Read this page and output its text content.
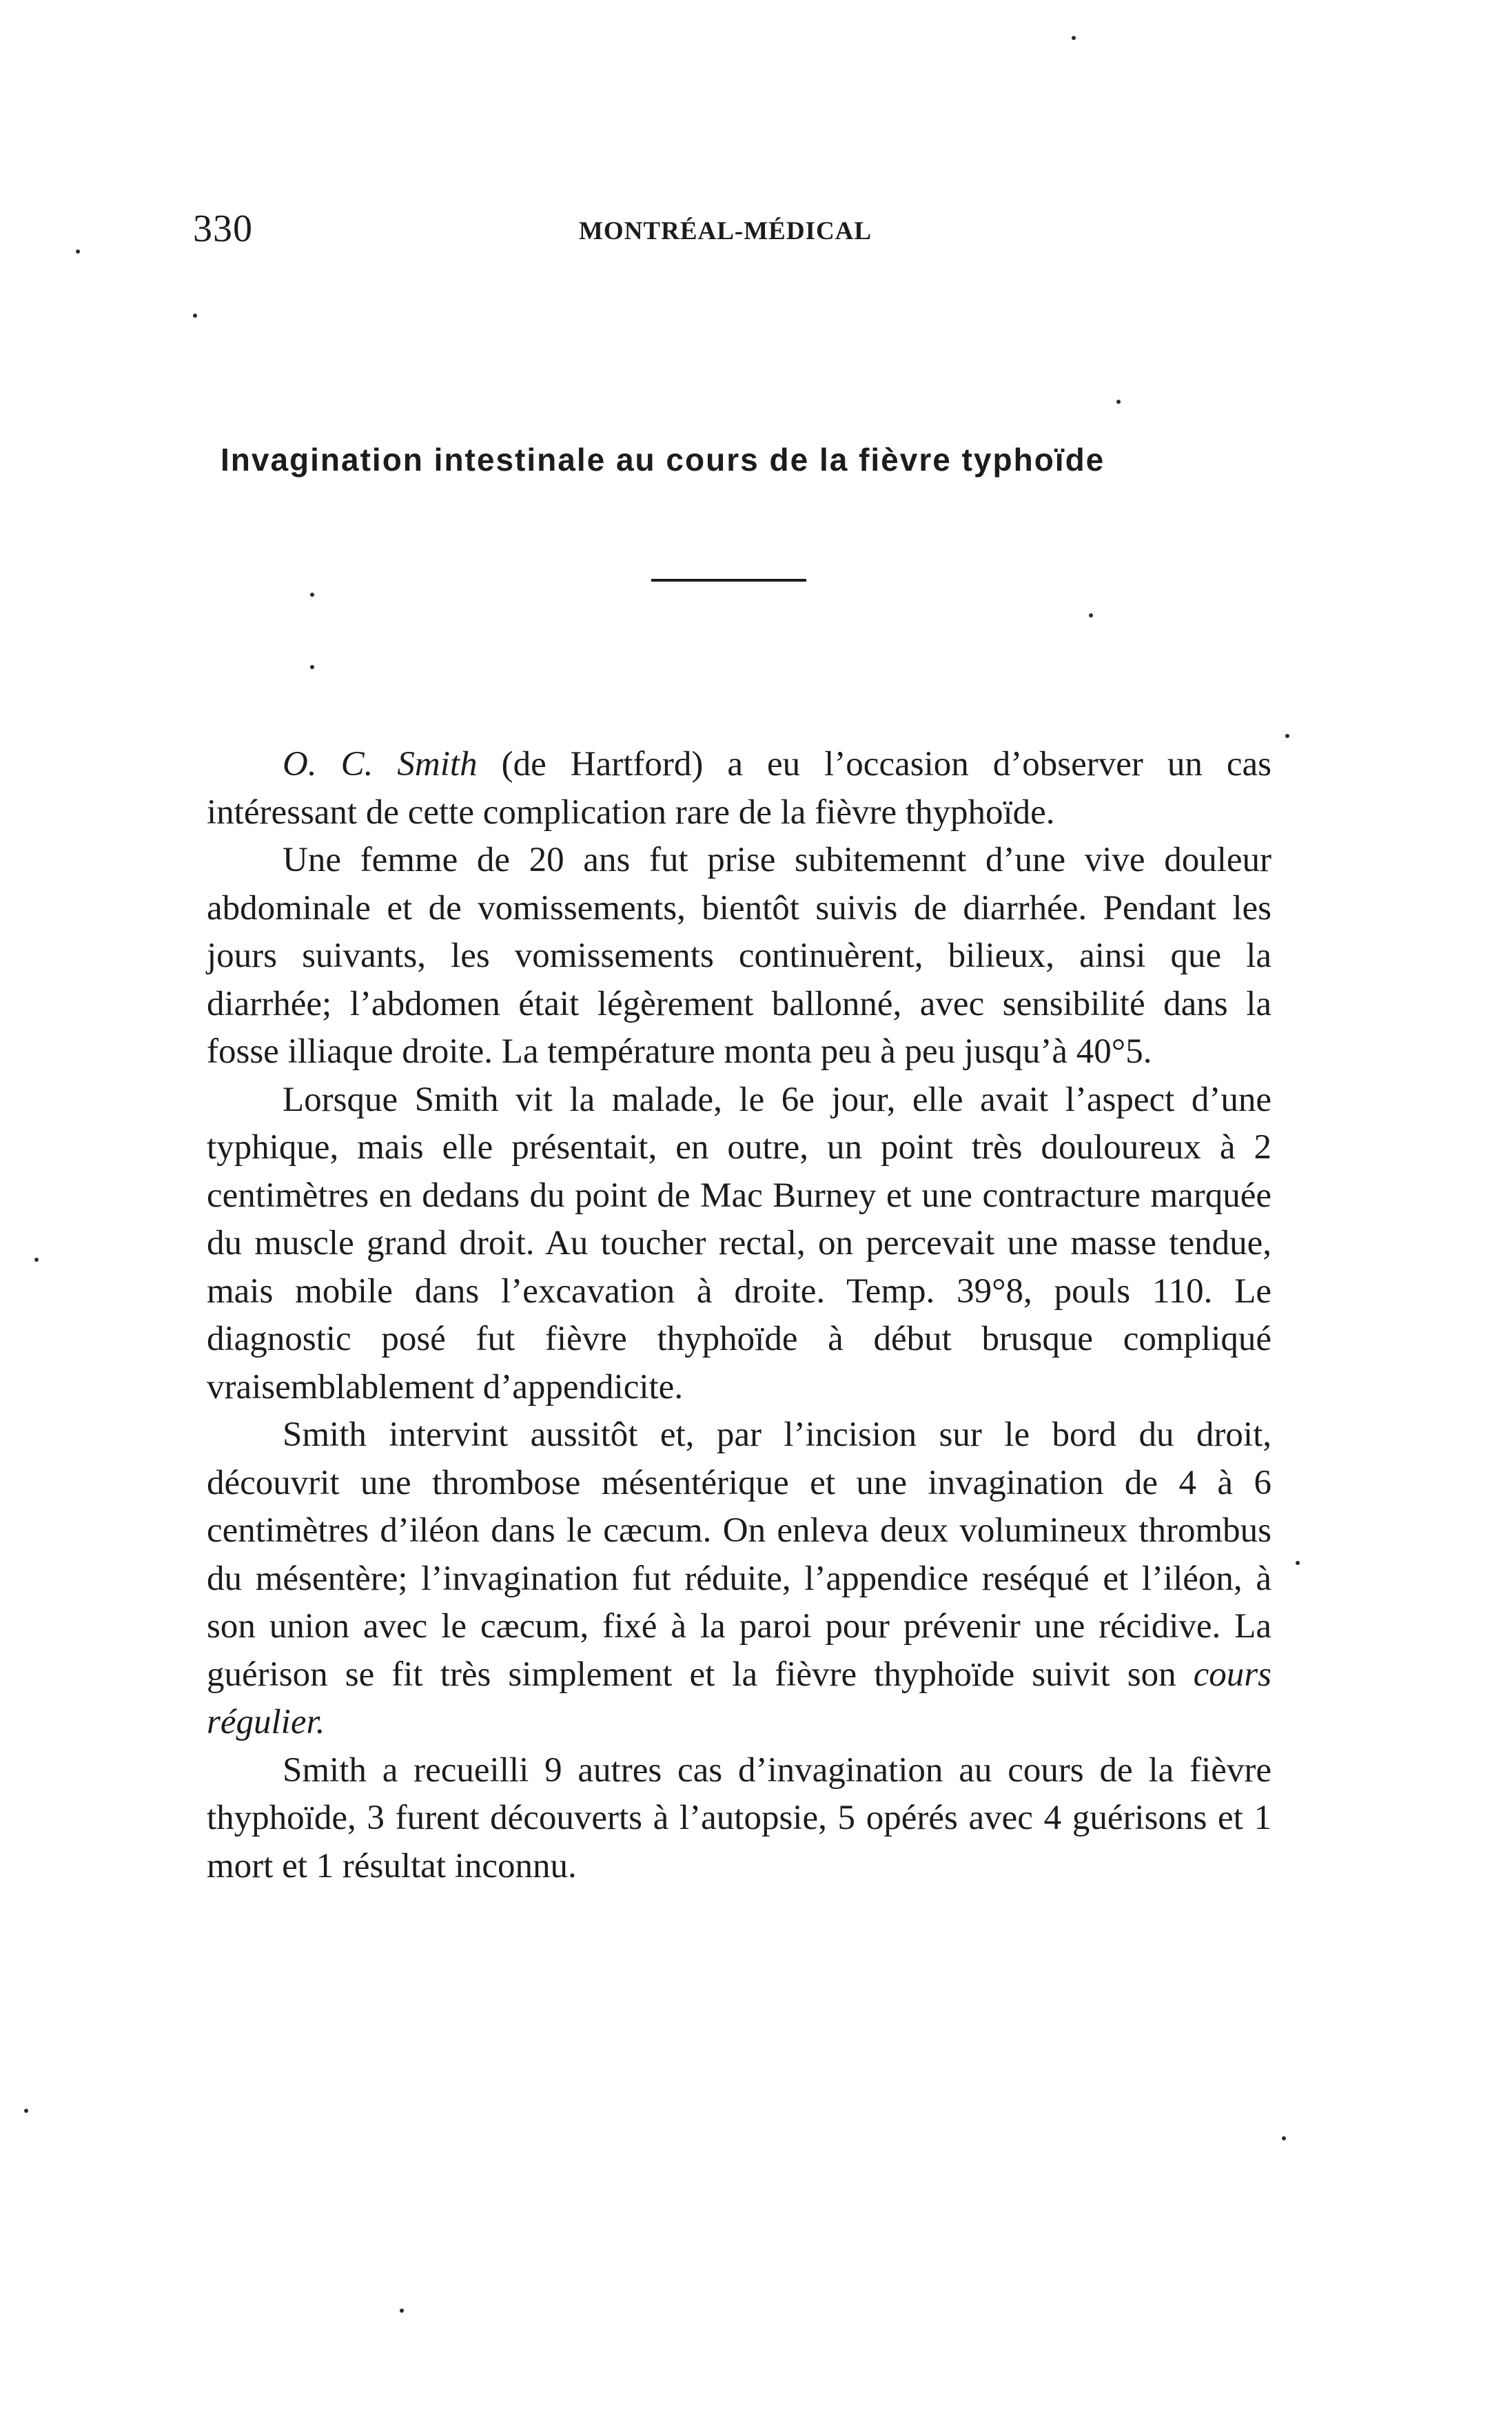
330	MONTRÉAL-MÉDICAL
Invagination intestinale au cours de la fièvre typhoïde

O. C. Smith (de Hartford) a eu l’occasion d’observer un cas intéressant de cette complication rare de la fièvre thyphoïde.

Une femme de 20 ans fut prise subitemennt d’une vive douleur abdominale et de vomissements, bientôt suivis de diarrhée. Pendant les jours suivants, les vomissements continuèrent, bilieux, ainsi que la diarrhée; l’abdomen était légèrement ballonné, avec sensibilité dans la fosse illiaque droite. La température monta peu à peu jusqu’à 40°5.

Lorsque Smith vit la malade, le 6e jour, elle avait l’aspect d’une typhique, mais elle présentait, en outre, un point très douloureux à 2 centimètres en dedans du point de Mac Burney et une contracture marquée du muscle grand droit. Au toucher rectal, on percevait une masse tendue, mais mobile dans l’excavation à droite. Temp. 39°8, pouls 110. Le diagnostic posé fut fièvre thyphoïde à début brusque compliqué vraisemblablement d’appendicite.

Smith intervint aussitôt et, par l’incision sur le bord du droit, découvrit une thrombose mésentérique et une invagination de 4 à 6 centimètres d’iléon dans le cæcum. On enleva deux volumineux thrombus du mésentère; l’invagination fut réduite, l’appendice reséqué et l’iléon, à son union avec le cæcum, fixé à la paroi pour prévenir une récidive. La guérison se fit très simplement et la fièvre thyphoïde suivit son cours régulier.

Smith a recueilli 9 autres cas d’invagination au cours de la fièvre thyphoïde, 3 furent découverts à l’autopsie, 5 opérés avec 4 guérisons et 1 mort et 1 résultat inconnu.
